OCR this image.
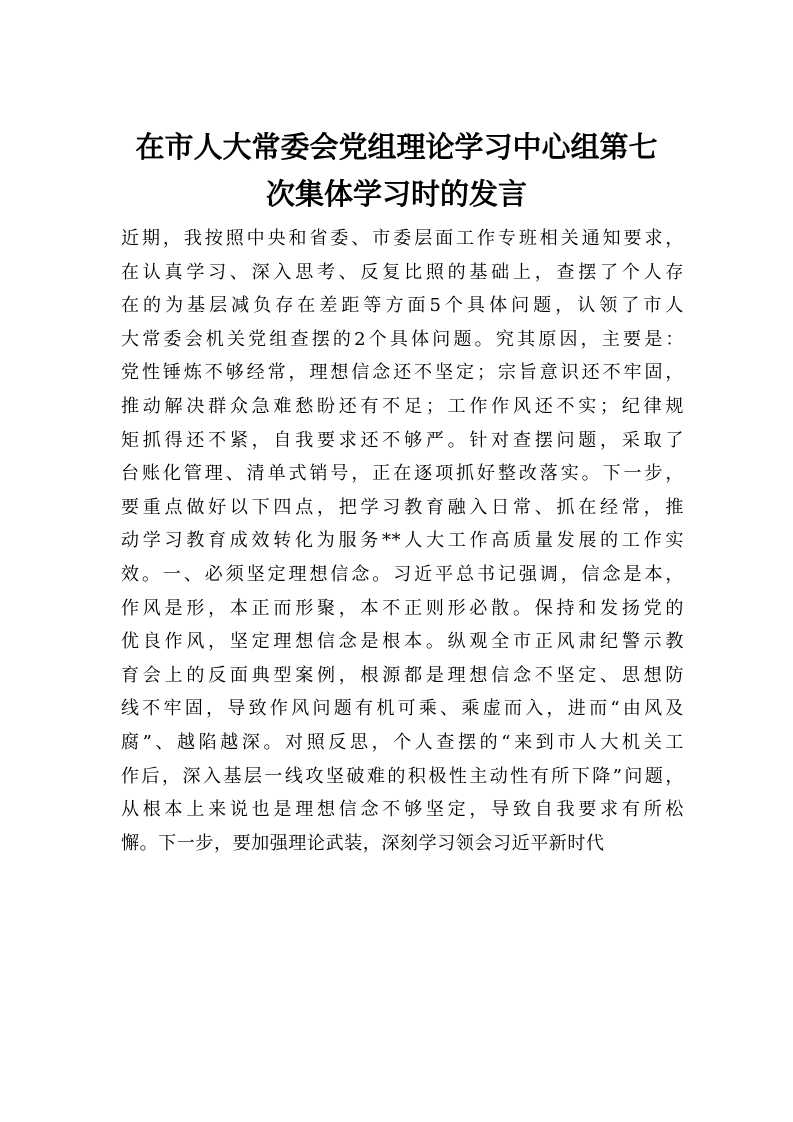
在市人大常委会党组理论学习中心组第七
次集体学习时的发言
近期，我按照中央和省委、市委层面工作专班相关通知要求，
在认真学习、深入思考、反复比照的基础上，查摆了个人存
在的为基层减负存在差距等方面5个具体问题，认领了市人
大常委会机关党组查摆的2个具体问题。究其原因，主要是：
党性锤炼不够经常，理想信念还不坚定；宗旨意识还不牢固，
推动解决群众急难愁盼还有不足；工作作风还不实；纪律规
矩抓得还不紧，自我要求还不够严。针对查摆问题，采取了
台账化管理、清单式销号，正在逐项抓好整改落实。下一步，
要重点做好以下四点，把学习教育融入日常、抓在经常，推
动学习教育成效转化为服务**人大工作高质量发展的工作实
效。一、必须坚定理想信念。习近平总书记强调，信念是本，
作风是形，本正而形聚，本不正则形必散。保持和发扬党的
优良作风，坚定理想信念是根本。纵观全市正风肃纪警示教
育会上的反面典型案例，根源都是理想信念不坚定、思想防
线不牢固，导致作风问题有机可乘、乘虚而入，进而“由风及
腐”、越陷越深。对照反思，个人查摆的“来到市人大机关工
作后，深入基层一线攻坚破难的积极性主动性有所下降”问题，
从根本上来说也是理想信念不够坚定，导致自我要求有所松
懈。下一步，要加强理论武装，深刻学习领会习近平新时代
